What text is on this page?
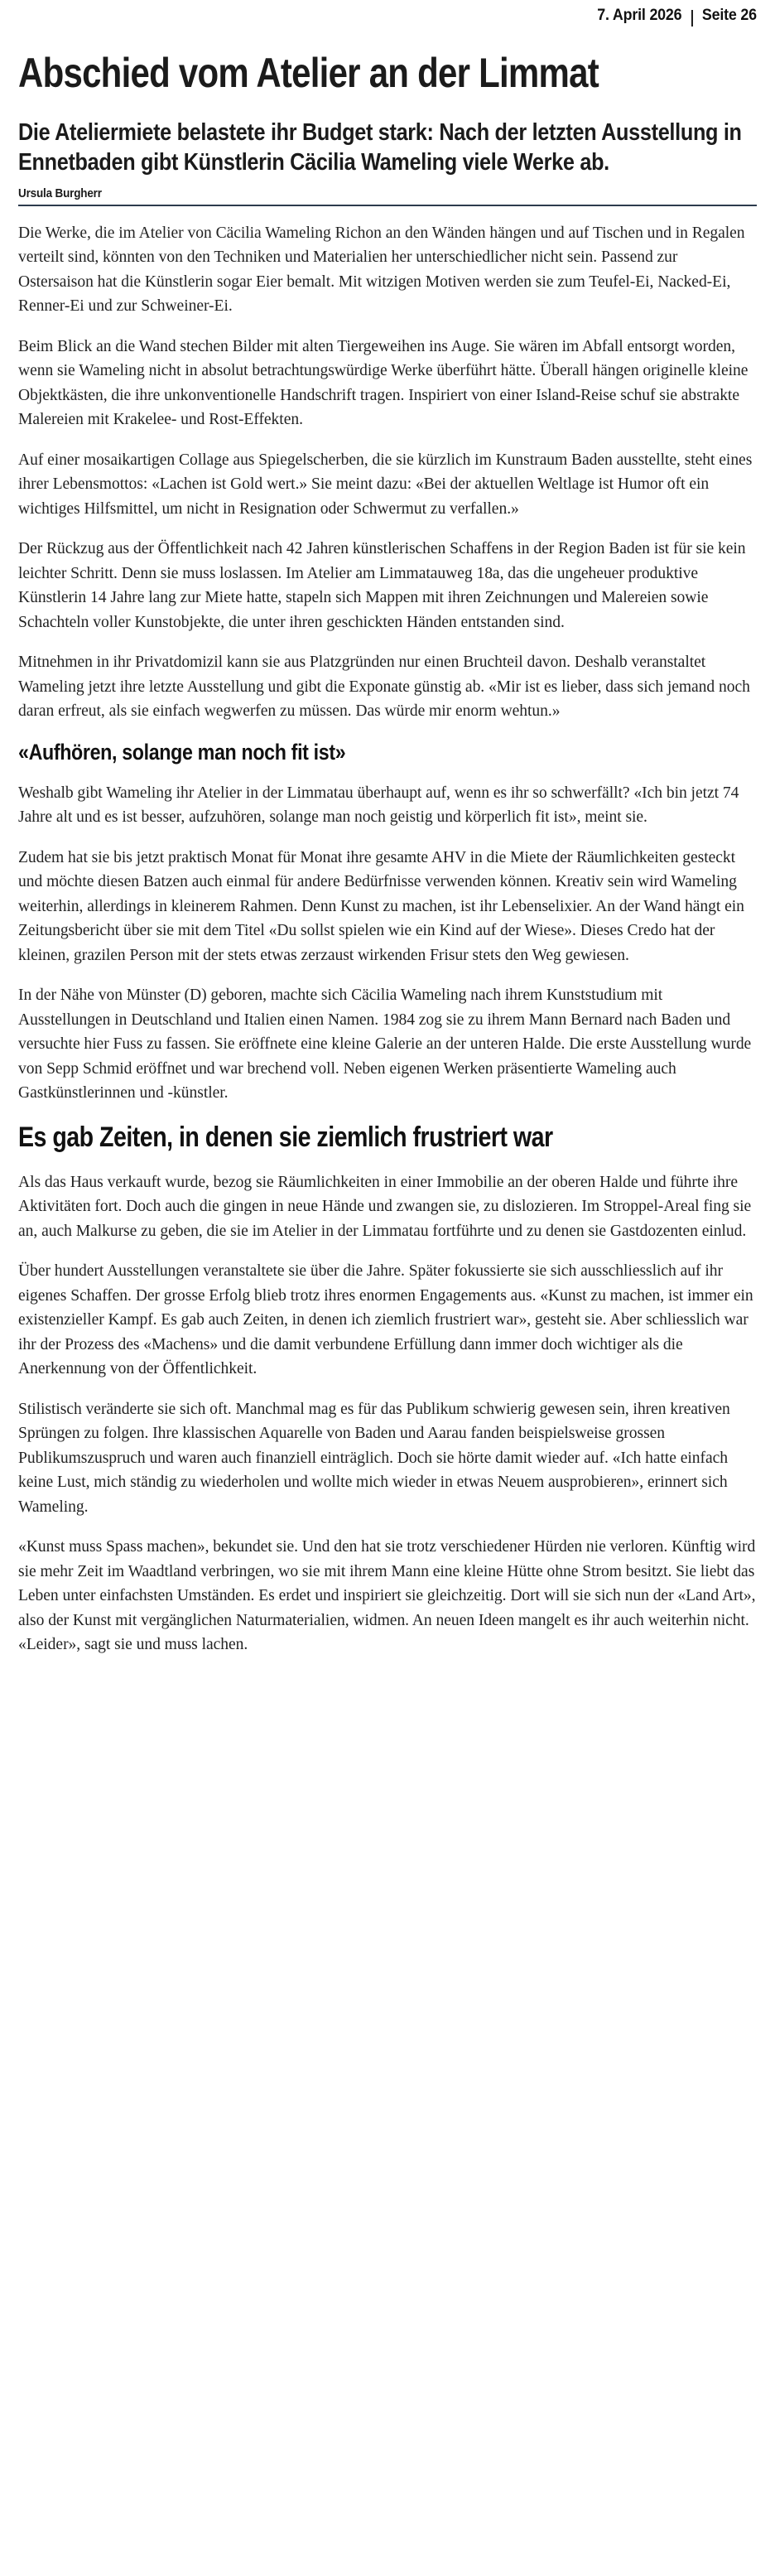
7. April 2026 Seite 26
Abschied vom Atelier an der Limmat

Die Ateliermiete belastete ihr Budget stark: Nach der letzten Ausstellung in Ennetbaden gibt Künstlerin Cäcilia Wameling viele Werke ab.

Ursula Burgherr

Die Werke, die im Atelier von Cäcilia Wameling Richon an den Wänden hängen und auf Tischen und in Regalen verteilt sind, könnten von den Techniken und Materialien her unterschiedlicher nicht sein. Passend zur Ostersaison hat die Künstlerin sogar Eier bemalt. Mit witzigen Motiven werden sie zum Teufel-Ei, Nacked-Ei, Renner-Ei und zur Schweiner-Ei.

Beim Blick an die Wand stechen Bilder mit alten Tiergeweihen ins Auge. Sie wären im Abfall entsorgt worden, wenn sie Wameling nicht in absolut betrachtungswürdige Werke überführt hätte. Überall hängen originelle kleine Objektkästen, die ihre unkonventionelle Handschrift tragen. Inspiriert von einer Island-Reise schuf sie abstrakte Malereien mit Krakelee- und Rost-Effekten.

Auf einer mosaikartigen Collage aus Spiegelscherben, die sie kürzlich im Kunstraum Baden ausstellte, steht eines ihrer Lebensmottos: «Lachen ist Gold wert.» Sie meint dazu: «Bei der aktuellen Weltlage ist Humor oft ein wichtiges Hilfsmittel, um nicht in Resignation oder Schwermut zu verfallen.»

Der Rückzug aus der Öffentlichkeit nach 42 Jahren künstlerischen Schaffens in der Region Baden ist für sie kein leichter Schritt. Denn sie muss loslassen. Im Atelier am Limmatauweg 18a, das die ungeheuer produktive Künstlerin 14 Jahre lang zur Miete hatte, stapeln sich Mappen mit ihren Zeichnungen und Malereien sowie Schachteln voller Kunstobjekte, die unter ihren geschickten Händen entstanden sind.

Mitnehmen in ihr Privatdomizil kann sie aus Platzgründen nur einen Bruchteil davon. Deshalb veranstaltet Wameling jetzt ihre letzte Ausstellung und gibt die Exponate günstig ab. «Mir ist es lieber, dass sich jemand noch daran erfreut, als sie einfach wegwerfen zu müssen. Das würde mir enorm wehtun.»

«Aufhören, solange man noch fit ist»

Weshalb gibt Wameling ihr Atelier in der Limmatau überhaupt auf, wenn es ihr so schwerfällt? «Ich bin jetzt 74 Jahre alt und es ist besser, aufzuhören, solange man noch geistig und körperlich fit ist», meint sie.

Zudem hat sie bis jetzt praktisch Monat für Monat ihre gesamte AHV in die Miete der Räumlichkeiten gesteckt und möchte diesen Batzen auch einmal für andere Bedürfnisse verwenden können. Kreativ sein wird Wameling weiterhin, allerdings in kleinerem Rahmen. Denn Kunst zu machen, ist ihr Lebenselixier. An der Wand hängt ein Zeitungsbericht über sie mit dem Titel «Du sollst spielen wie ein Kind auf der Wiese». Dieses Credo hat der kleinen, grazilen Person mit der stets etwas zerzaust wirkenden Frisur stets den Weg gewiesen.

In der Nähe von Münster (D) geboren, machte sich Cäcilia Wameling nach ihrem Kunststudium mit Ausstellungen in Deutschland und Italien einen Namen. 1984 zog sie zu ihrem Mann Bernard nach Baden und versuchte hier Fuss zu fassen. Sie eröffnete eine kleine Galerie an der unteren Halde. Die erste Ausstellung wurde von Sepp Schmid eröffnet und war brechend voll. Neben eigenen Werken präsentierte Wameling auch Gastkünstlerinnen und -künstler.

Es gab Zeiten, in denen sie ziemlich frustriert war

Als das Haus verkauft wurde, bezog sie Räumlichkeiten in einer Immobilie an der oberen Halde und führte ihre Aktivitäten fort. Doch auch die gingen in neue Hände und zwangen sie, zu dislozieren. Im Stroppel-Areal fing sie an, auch Malkurse zu geben, die sie im Atelier in der Limmatau fortführte und zu denen sie Gastdozenten einlud.

Über hundert Ausstellungen veranstaltete sie über die Jahre. Später fokussierte sie sich ausschliesslich auf ihr eigenes Schaffen. Der grosse Erfolg blieb trotz ihres enormen Engagements aus. «Kunst zu machen, ist immer ein existenzieller Kampf. Es gab auch Zeiten, in denen ich ziemlich frustriert war», gesteht sie. Aber schliesslich war ihr der Prozess des «Machens» und die damit verbundene Erfüllung dann immer doch wichtiger als die Anerkennung von der Öffentlichkeit.

Stilistisch veränderte sie sich oft. Manchmal mag es für das Publikum schwierig gewesen sein, ihren kreativen Sprüngen zu folgen. Ihre klassischen Aquarelle von Baden und Aarau fanden beispielsweise grossen Publikumszuspruch und waren auch finanziell einträglich. Doch sie hörte damit wieder auf. «Ich hatte einfach keine Lust, mich ständig zu wiederholen und wollte mich wieder in etwas Neuem ausprobieren», erinnert sich Wameling.

«Kunst muss Spass machen», bekundet sie. Und den hat sie trotz verschiedener Hürden nie verloren. Künftig wird sie mehr Zeit im Waadtland verbringen, wo sie mit ihrem Mann eine kleine Hütte ohne Strom besitzt. Sie liebt das Leben unter einfachsten Umständen. Es erdet und inspiriert sie gleichzeitig. Dort will sie sich nun der «Land Art», also der Kunst mit vergänglichen Naturmaterialien, widmen. An neuen Ideen mangelt es ihr auch weiterhin nicht. «Leider», sagt sie und muss lachen.
